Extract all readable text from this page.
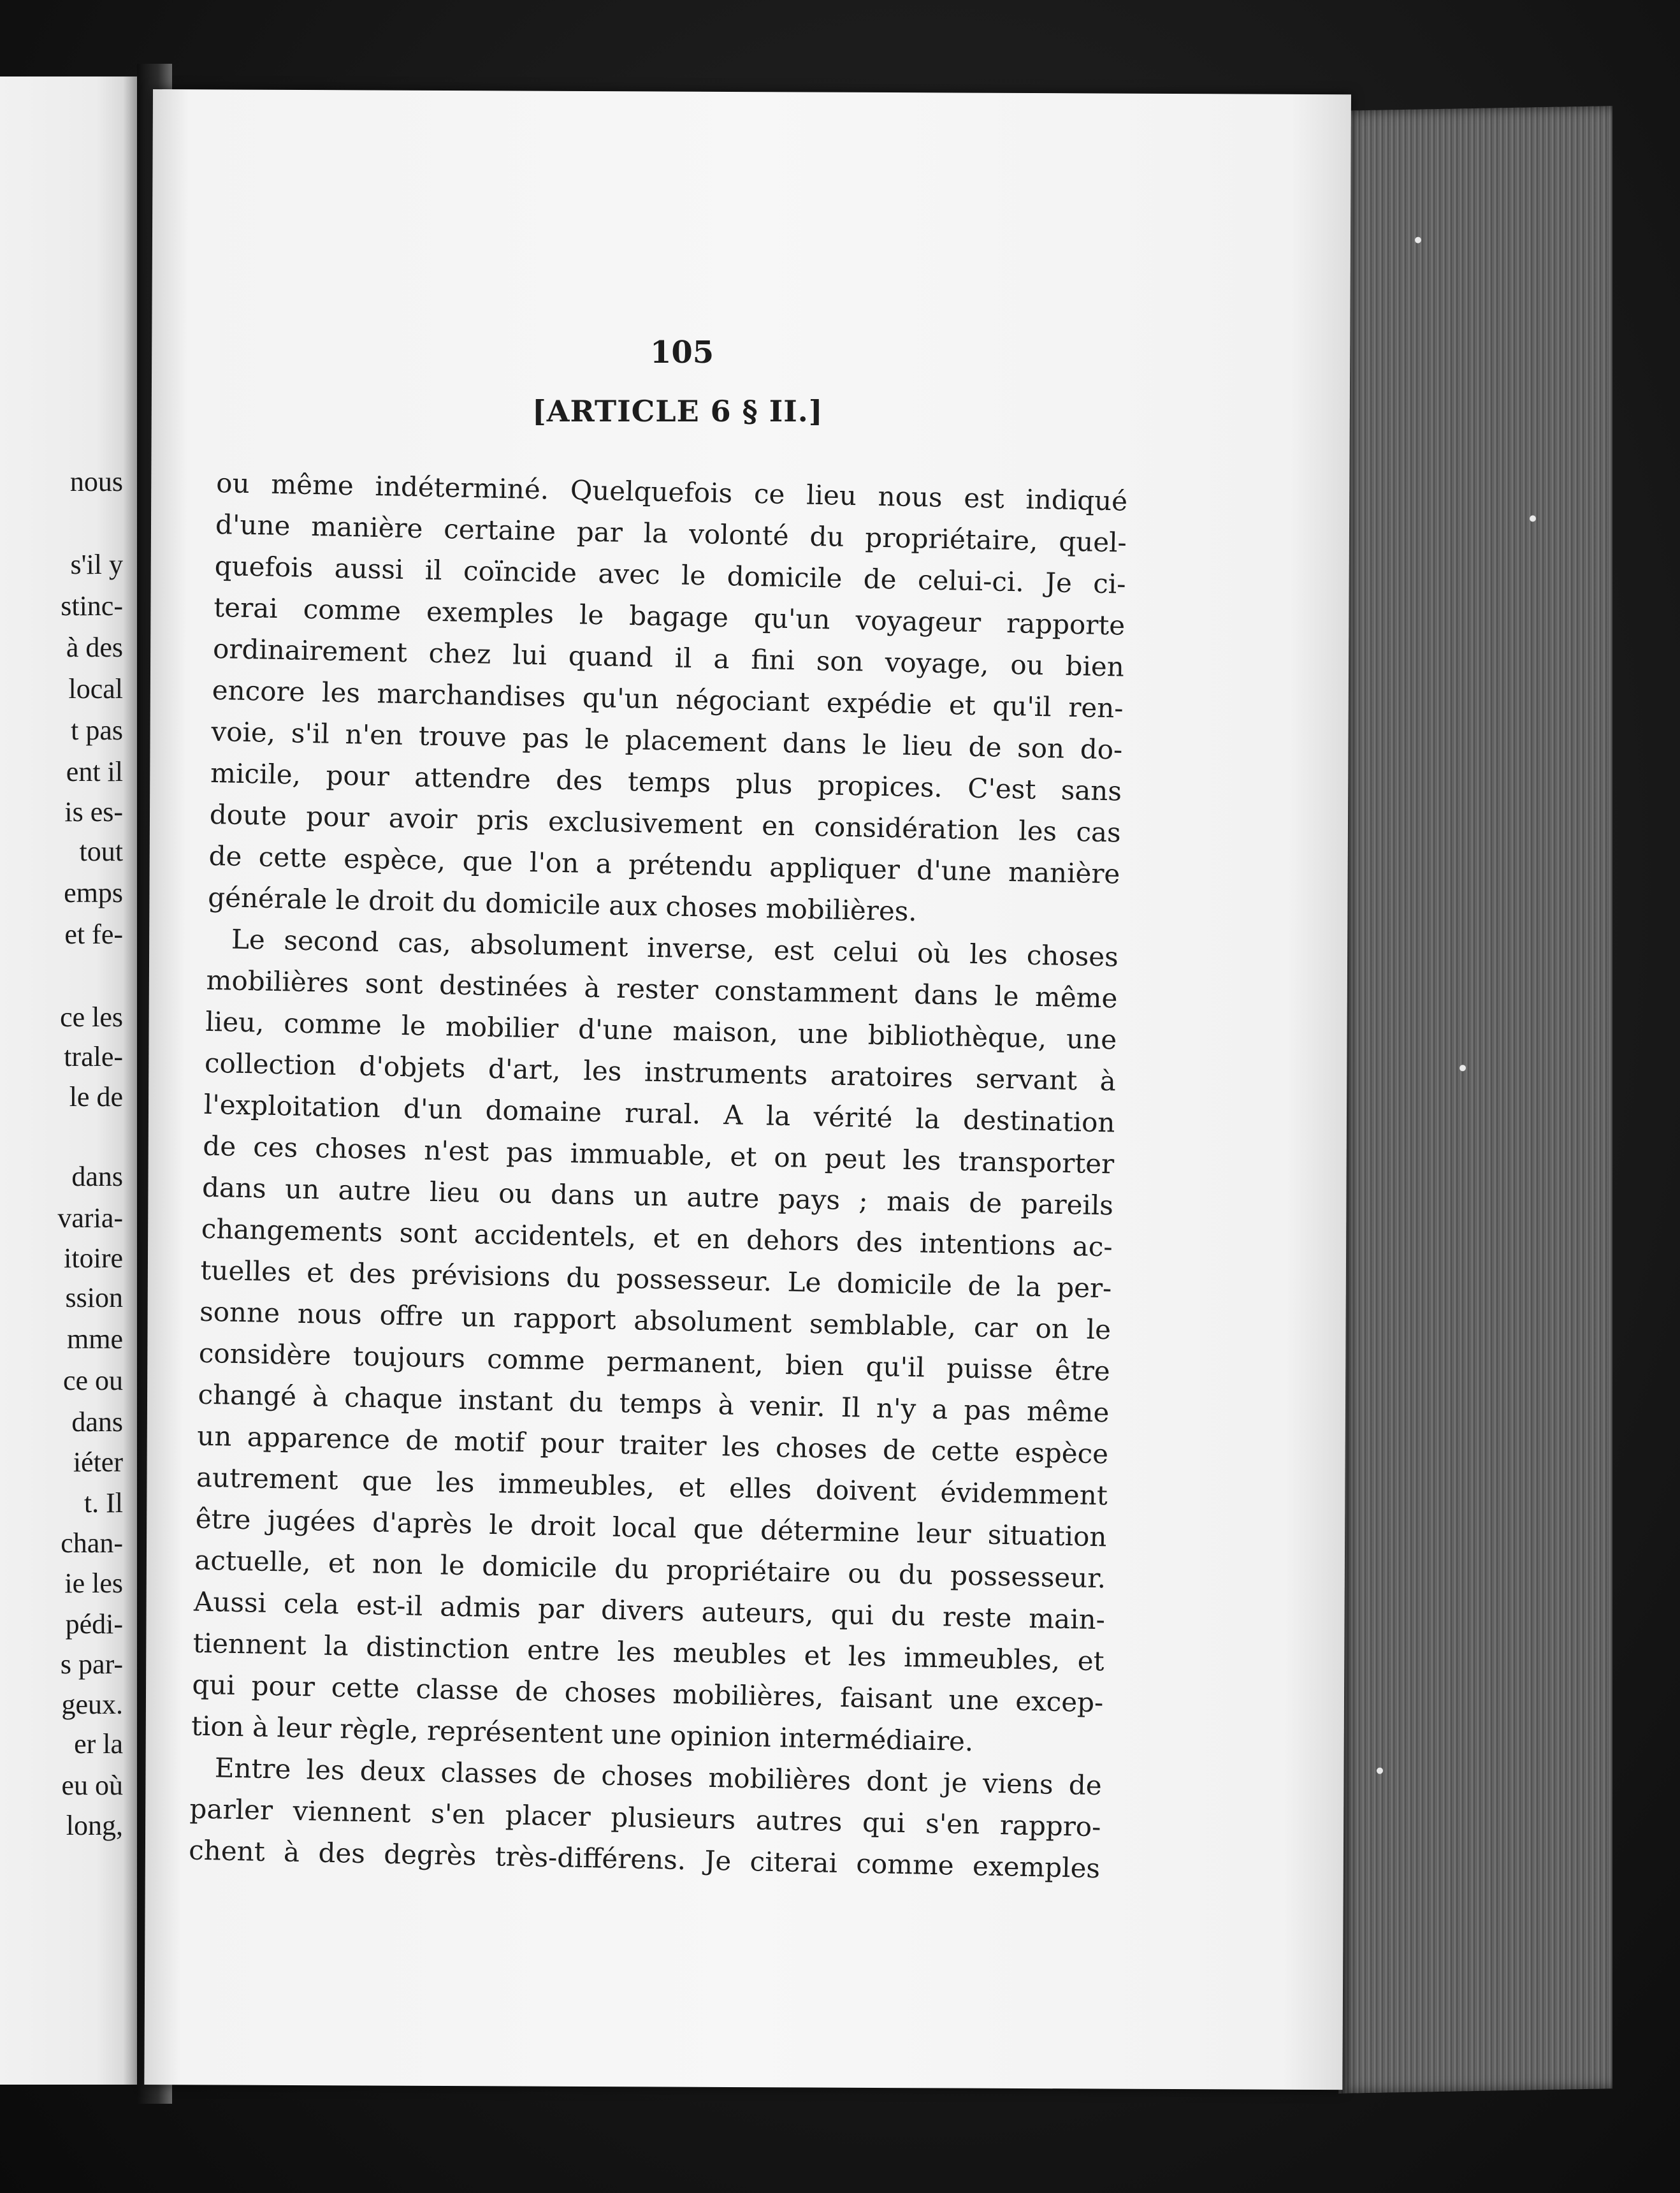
nous
s'il y
stinc-
à des
local
t pas
ent il
is es-
tout
emps
et fe-
ce les
trale-
le de
dans
varia-
itoire
ssion
mme
ce ou
dans
iéter
t. Il
chan-
ie les
pédi-
s par-
geux.
er la
eu où
long,
105
[ARTICLE 6 § II.]
ou même indéterminé. Quelquefois ce lieu nous est indiqué
d'une manière certaine par la volonté du propriétaire, quel-
quefois aussi il coïncide avec le domicile de celui-ci. Je ci-
terai comme exemples le bagage qu'un voyageur rapporte
ordinairement chez lui quand il a fini son voyage, ou bien
encore les marchandises qu'un négociant expédie et qu'il ren-
voie, s'il n'en trouve pas le placement dans le lieu de son do-
micile, pour attendre des temps plus propices. C'est sans
doute pour avoir pris exclusivement en considération les cas
de cette espèce, que l'on a prétendu appliquer d'une manière
générale le droit du domicile aux choses mobilières.
Le second cas, absolument inverse, est celui où les choses
mobilières sont destinées à rester constamment dans le même
lieu, comme le mobilier d'une maison, une bibliothèque, une
collection d'objets d'art, les instruments aratoires servant à
l'exploitation d'un domaine rural. A la vérité la destination
de ces choses n'est pas immuable, et on peut les transporter
dans un autre lieu ou dans un autre pays ; mais de pareils
changements sont accidentels, et en dehors des intentions ac-
tuelles et des prévisions du possesseur. Le domicile de la per-
sonne nous offre un rapport absolument semblable, car on le
considère toujours comme permanent, bien qu'il puisse être
changé à chaque instant du temps à venir. Il n'y a pas même
un apparence de motif pour traiter les choses de cette espèce
autrement que les immeubles, et elles doivent évidemment
être jugées d'après le droit local que détermine leur situation
actuelle, et non le domicile du propriétaire ou du possesseur.
Aussi cela est-il admis par divers auteurs, qui du reste main-
tiennent la distinction entre les meubles et les immeubles, et
qui pour cette classe de choses mobilières, faisant une excep-
tion à leur règle, représentent une opinion intermédiaire.
Entre les deux classes de choses mobilières dont je viens de
parler viennent s'en placer plusieurs autres qui s'en rappro-
chent à des degrès très-différens. Je citerai comme exemples
